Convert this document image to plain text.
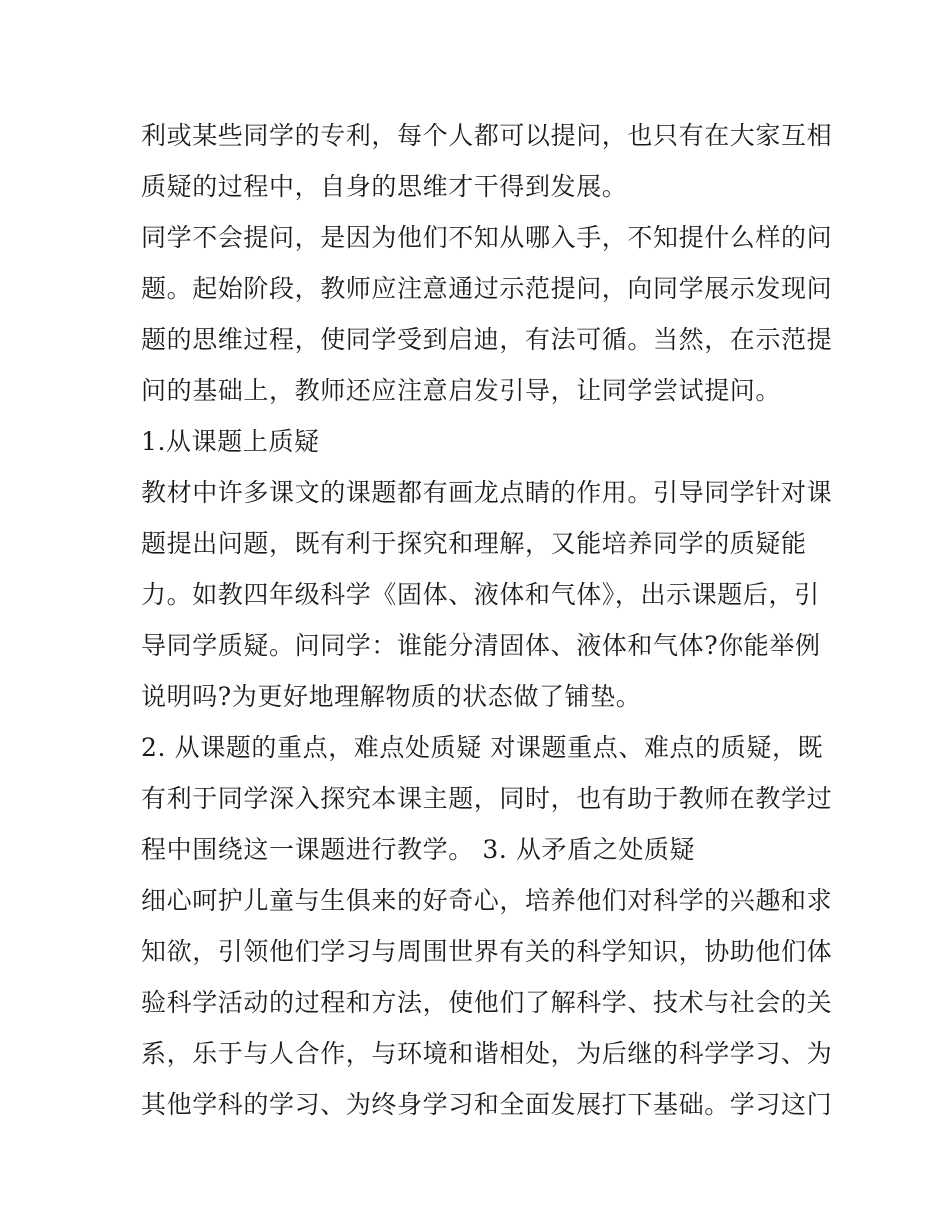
利或某些同学的专利，每个人都可以提问，也只有在大家互相
质疑的过程中，自身的思维才干得到发展。
同学不会提问，是因为他们不知从哪入手，不知提什么样的问
题。起始阶段，教师应注意通过示范提问，向同学展示发现问
题的思维过程，使同学受到启迪，有法可循。当然，在示范提
问的基础上，教师还应注意启发引导，让同学尝试提问。
1.从课题上质疑
教材中许多课文的课题都有画龙点睛的作用。引导同学针对课
题提出问题，既有利于探究和理解，又能培养同学的质疑能
力。如教四年级科学《固体、液体和气体》，出示课题后，引
导同学质疑。问同学：谁能分清固体、液体和气体?你能举例
说明吗?为更好地理解物质的状态做了铺垫。
2. 从课题的重点，难点处质疑 对课题重点、难点的质疑，既
有利于同学深入探究本课主题，同时，也有助于教师在教学过
程中围绕这一课题进行教学。 3. 从矛盾之处质疑
细心呵护儿童与生俱来的好奇心，培养他们对科学的兴趣和求
知欲，引领他们学习与周围世界有关的科学知识，协助他们体
验科学活动的过程和方法，使他们了解科学、技术与社会的关
系，乐于与人合作，与环境和谐相处，为后继的科学学习、为
其他学科的学习、为终身学习和全面发展打下基础。学习这门
